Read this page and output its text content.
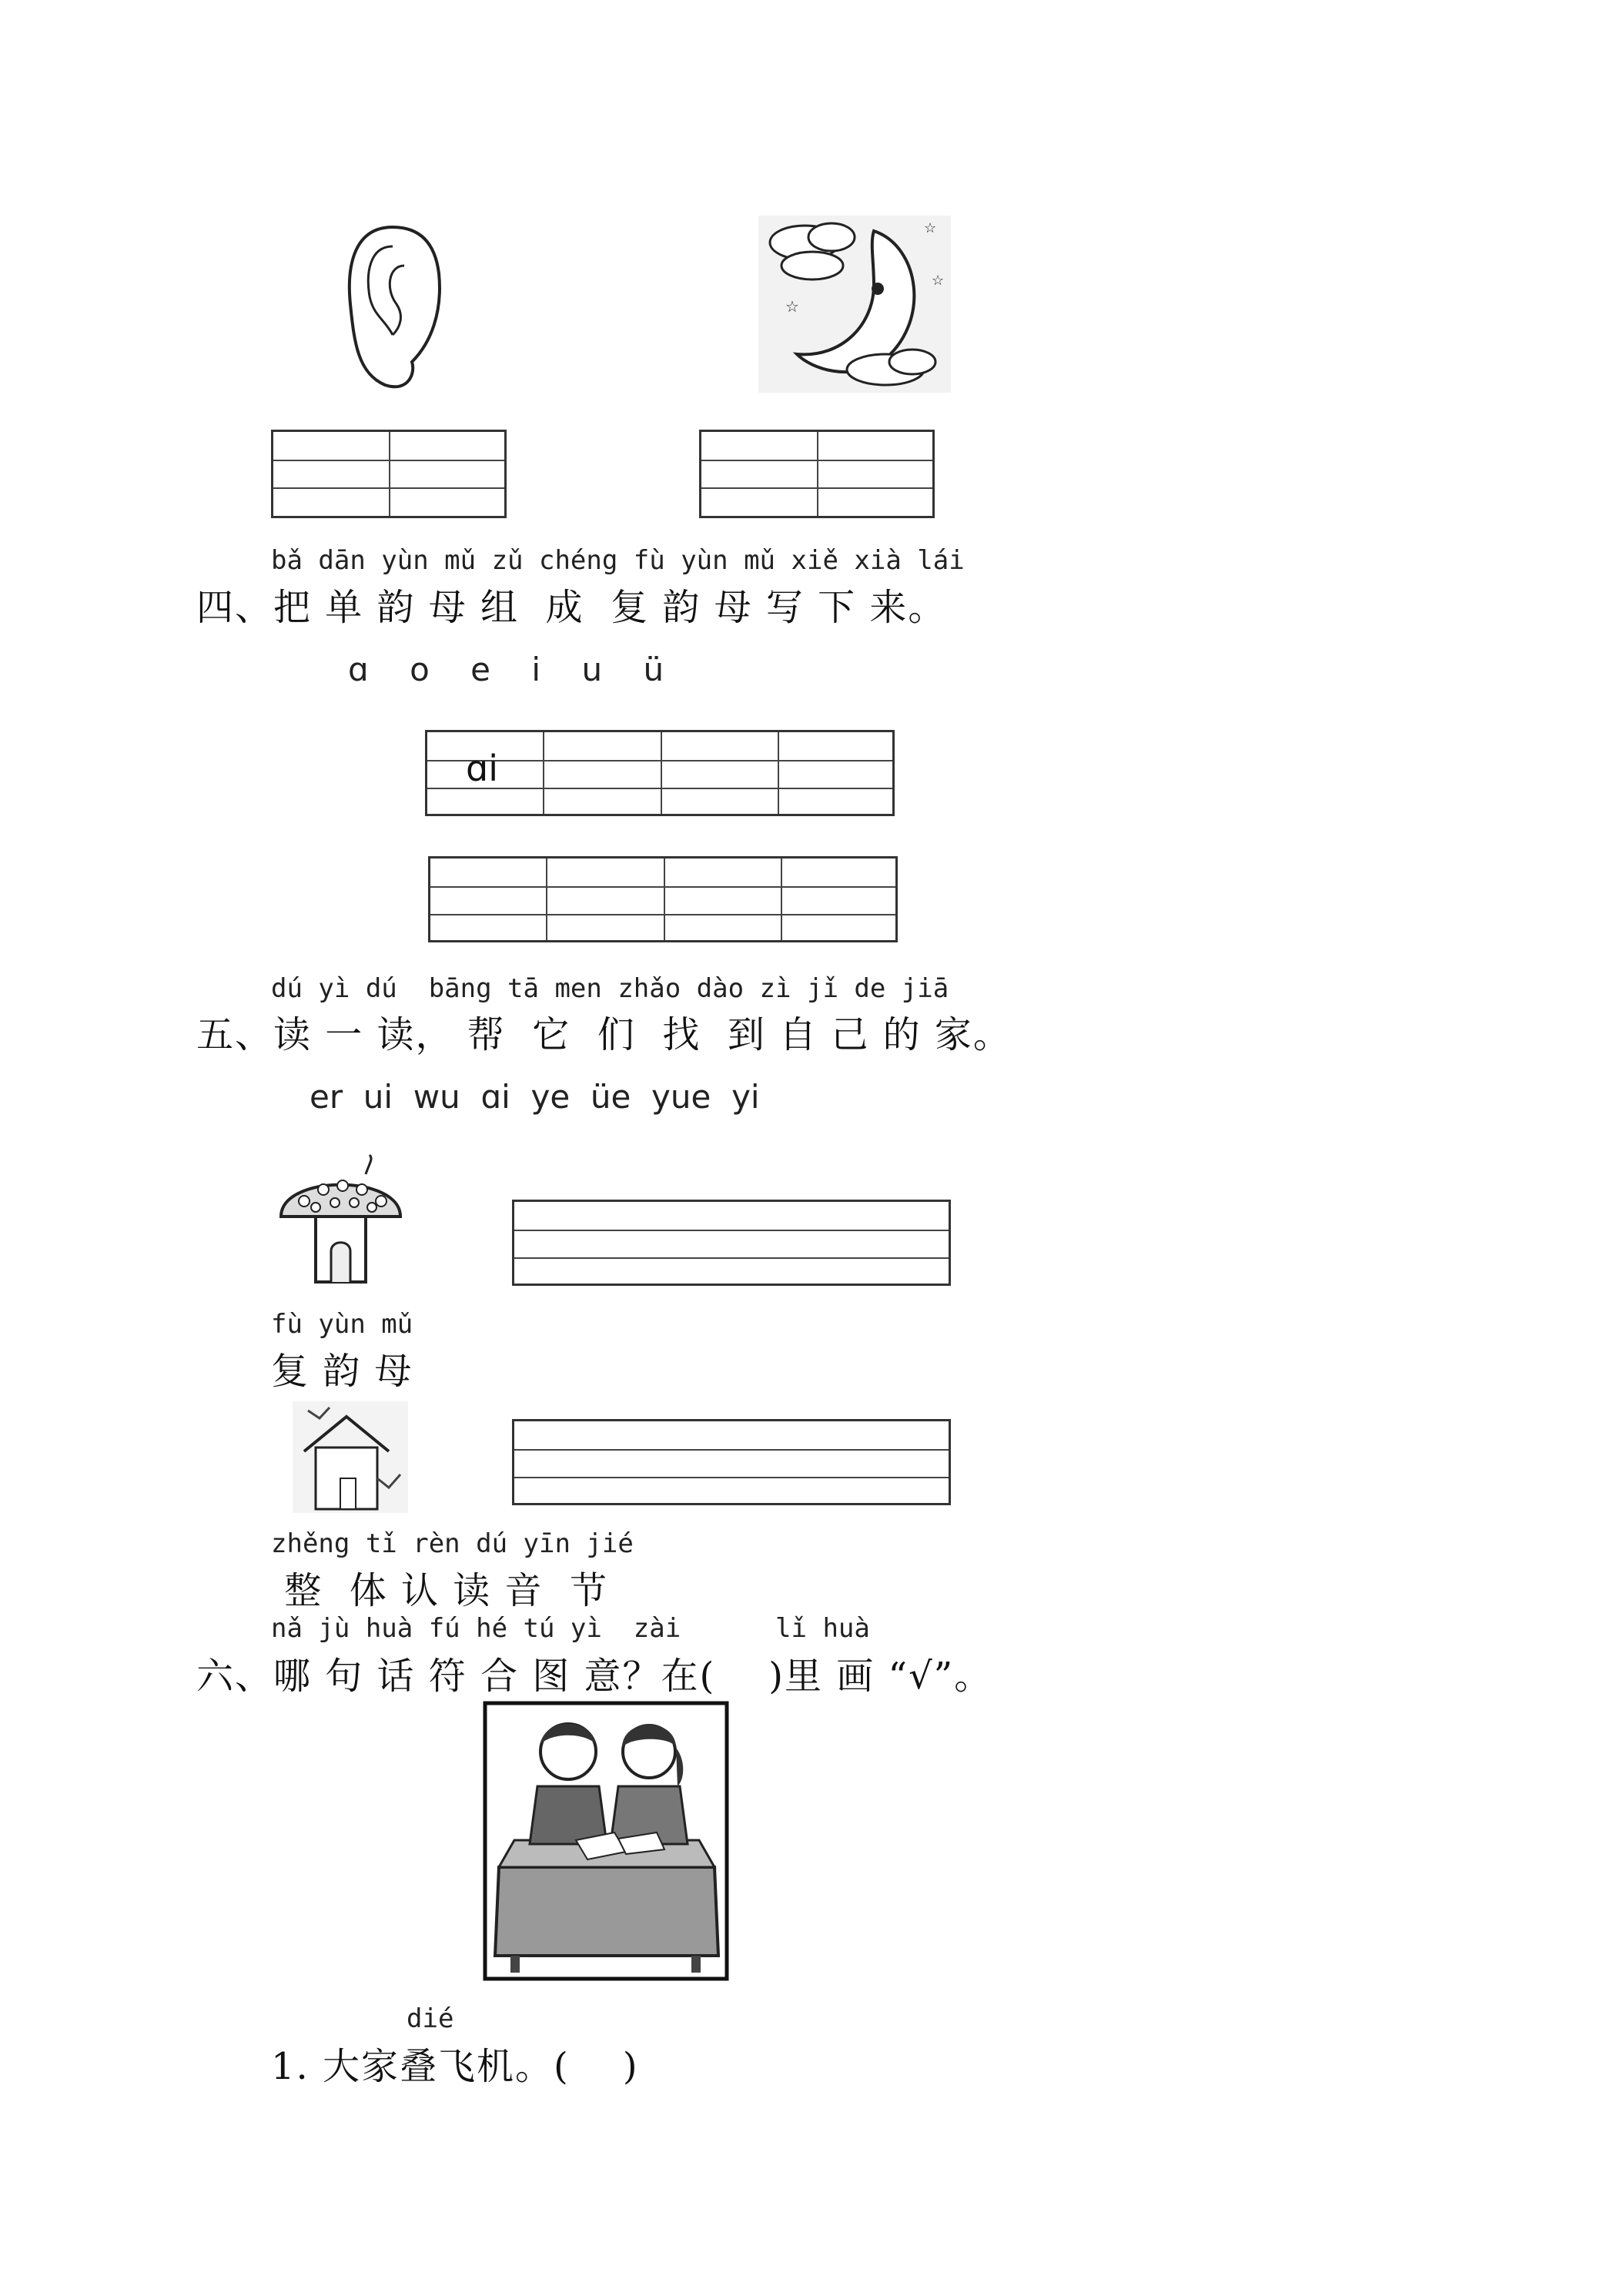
☆
☆
☆
bǎ dān yùn mǔ zǔ chéng fù yùn mǔ xiě xià lái
四、把 单 韵 母 组  成  复 韵 母 写 下 来。
ɑ    o    e    i    u    ü
ɑi
dú yì dú  bāng tā men zhǎo dào zì jǐ de jiā
五、读 一 读， 帮  它  们  找  到 自 己 的 家。
er  ui  wu  ɑi  ye  üe  yue  yi
fù yùn mǔ
复 韵 母
zhěng tǐ rèn dú yīn jié
整  体 认 读 音  节
nǎ jù huà fú hé tú yì  zài      lǐ huà
六、哪 句 话 符 合 图 意？在(    )里 画 “√”。
dié
1. 大家叠飞机。(    )
